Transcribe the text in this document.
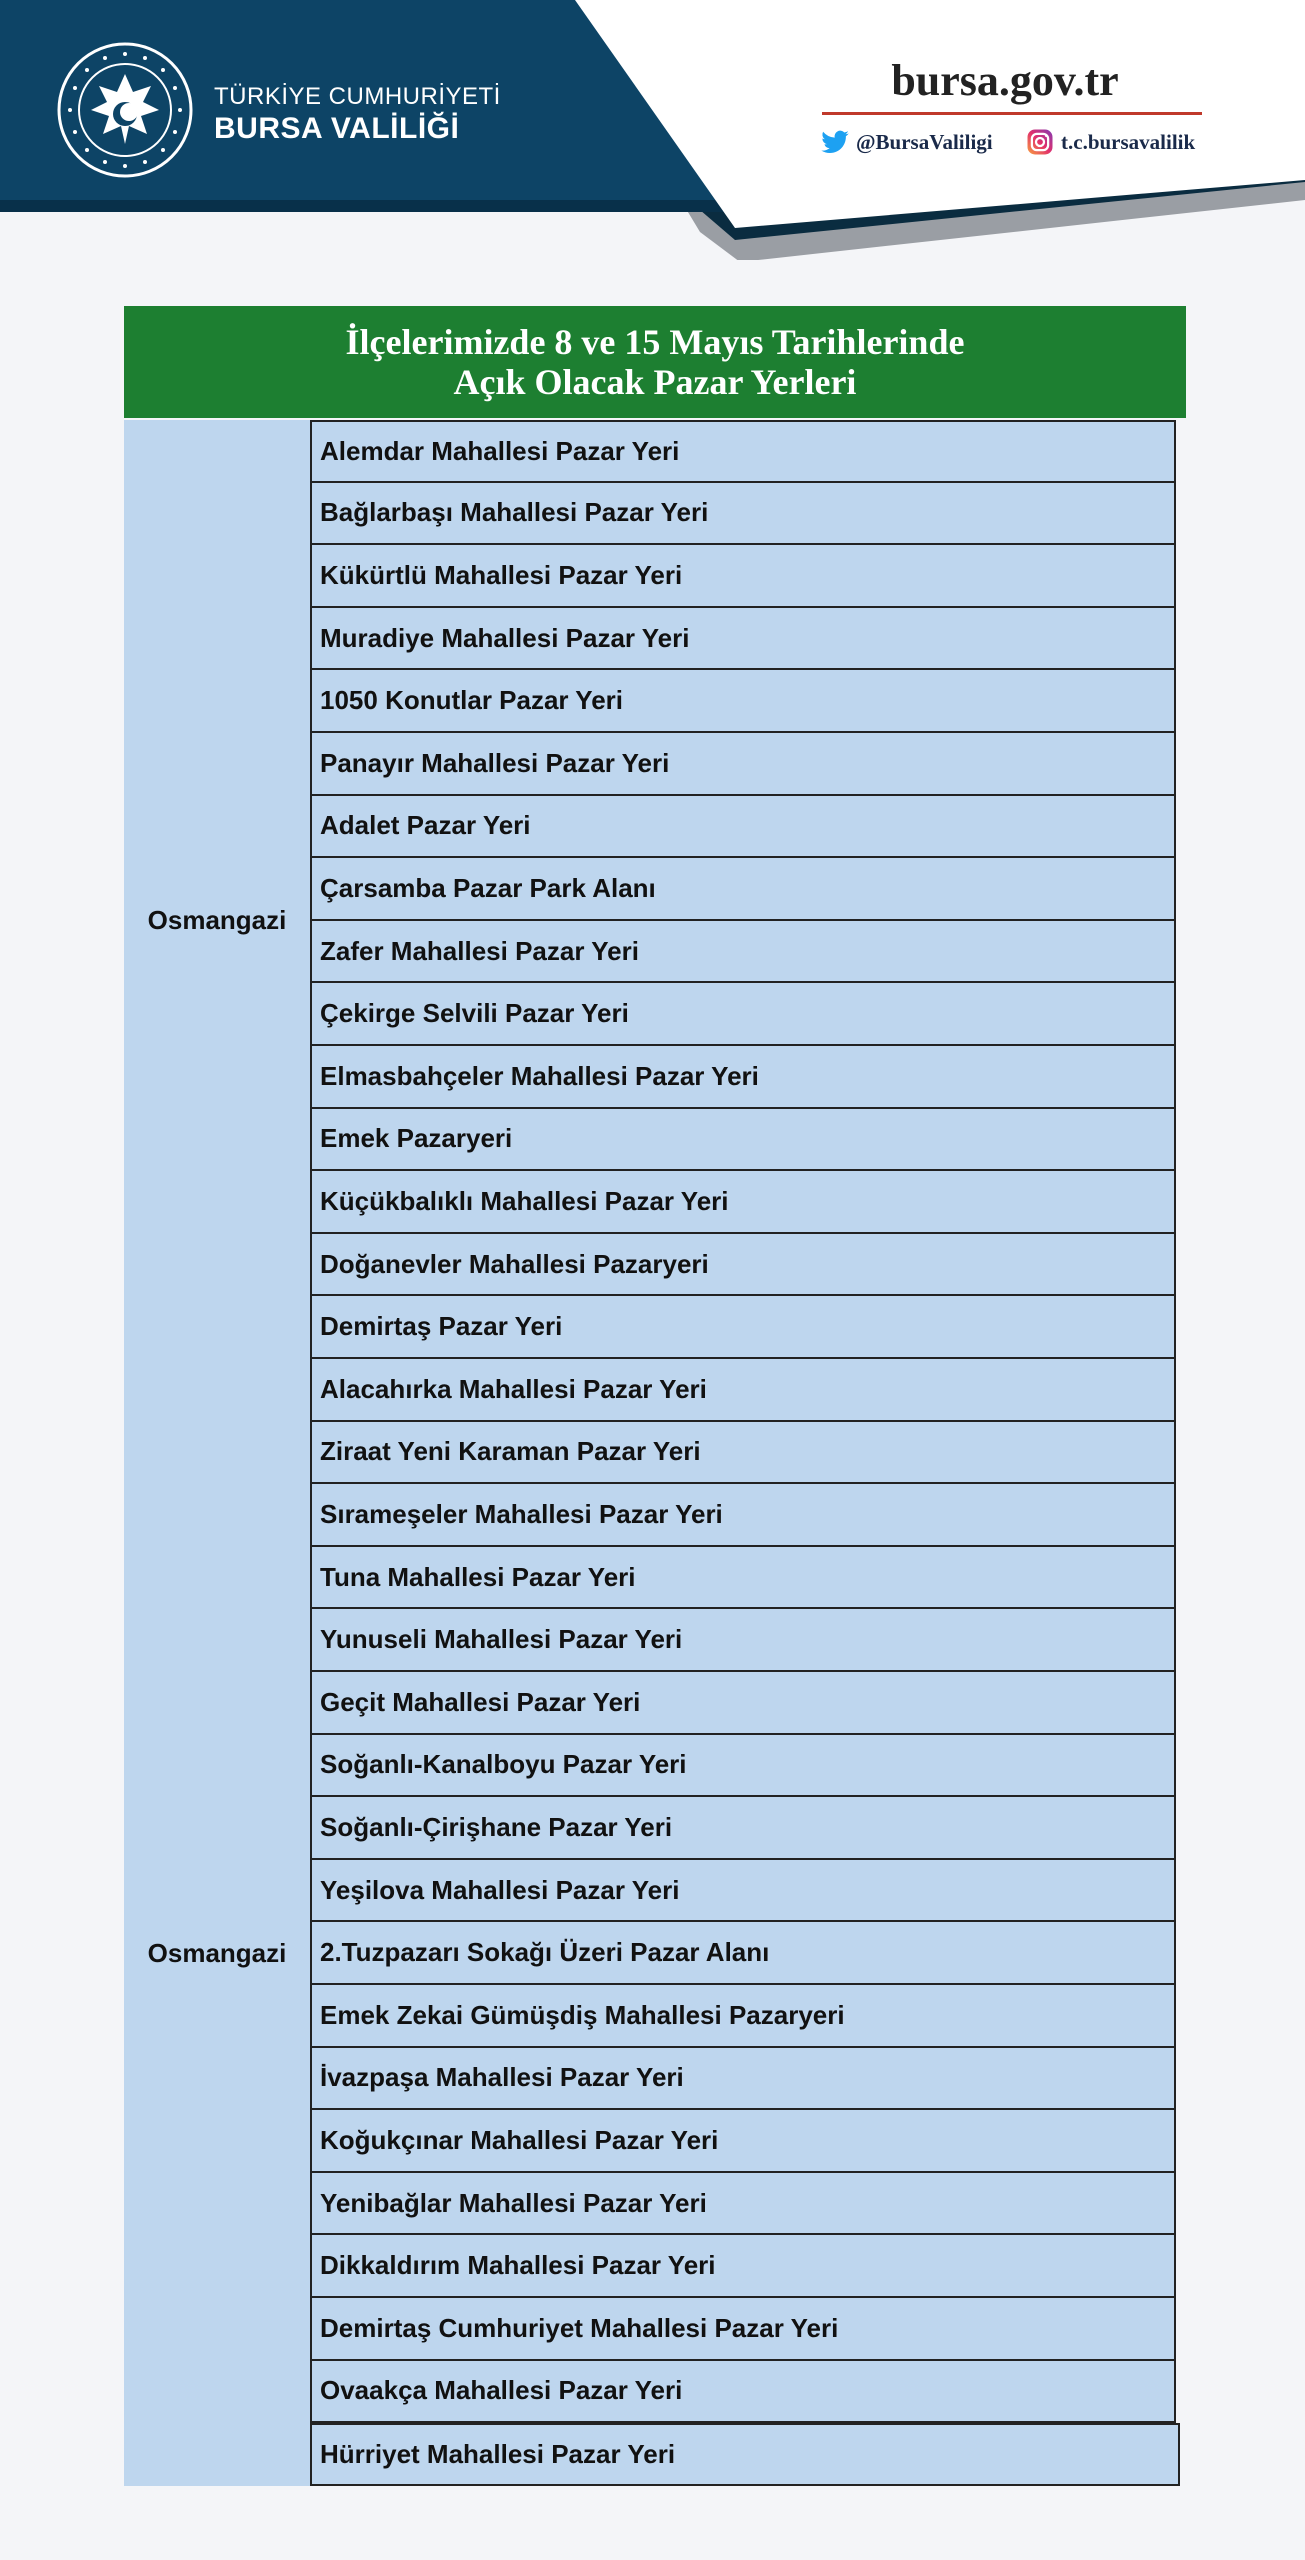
TÜRKİYE CUMHURİYETİ
BURSA VALİLİĞİ
bursa.gov.tr
@BursaValiligi	t.c.bursavalilik
İlçelerimizde 8 ve 15 Mayıs Tarihlerinde
Açık Olacak Pazar Yerleri
Osmangazi
Alemdar Mahallesi Pazar Yeri
Bağlarbaşı Mahallesi Pazar Yeri
Kükürtlü Mahallesi Pazar Yeri
Muradiye Mahallesi Pazar Yeri
1050 Konutlar Pazar Yeri
Panayır Mahallesi Pazar Yeri
Adalet Pazar Yeri
Çarsamba Pazar Park Alanı
Zafer Mahallesi Pazar Yeri
Çekirge Selvili Pazar Yeri
Elmasbahçeler Mahallesi Pazar Yeri
Emek Pazaryeri
Küçükbalıklı Mahallesi Pazar Yeri
Doğanevler Mahallesi Pazaryeri
Demirtaş Pazar Yeri
Alacahırka Mahallesi Pazar Yeri
Osmangazi
Ziraat Yeni Karaman Pazar Yeri
Sırameşeler Mahallesi Pazar Yeri
Tuna Mahallesi Pazar Yeri
Yunuseli Mahallesi Pazar Yeri
Geçit Mahallesi Pazar Yeri
Soğanlı-Kanalboyu Pazar Yeri
Soğanlı-Çirişhane Pazar Yeri
Yeşilova Mahallesi Pazar Yeri
2.Tuzpazarı Sokağı Üzeri Pazar Alanı
Emek Zekai Gümüşdiş Mahallesi Pazaryeri
İvazpaşa Mahallesi Pazar Yeri
Koğukçınar Mahallesi Pazar Yeri
Yenibağlar Mahallesi Pazar Yeri
Dikkaldırım Mahallesi Pazar Yeri
Demirtaş Cumhuriyet Mahallesi Pazar Yeri
Ovaakça Mahallesi Pazar Yeri
Hürriyet Mahallesi Pazar Yeri
